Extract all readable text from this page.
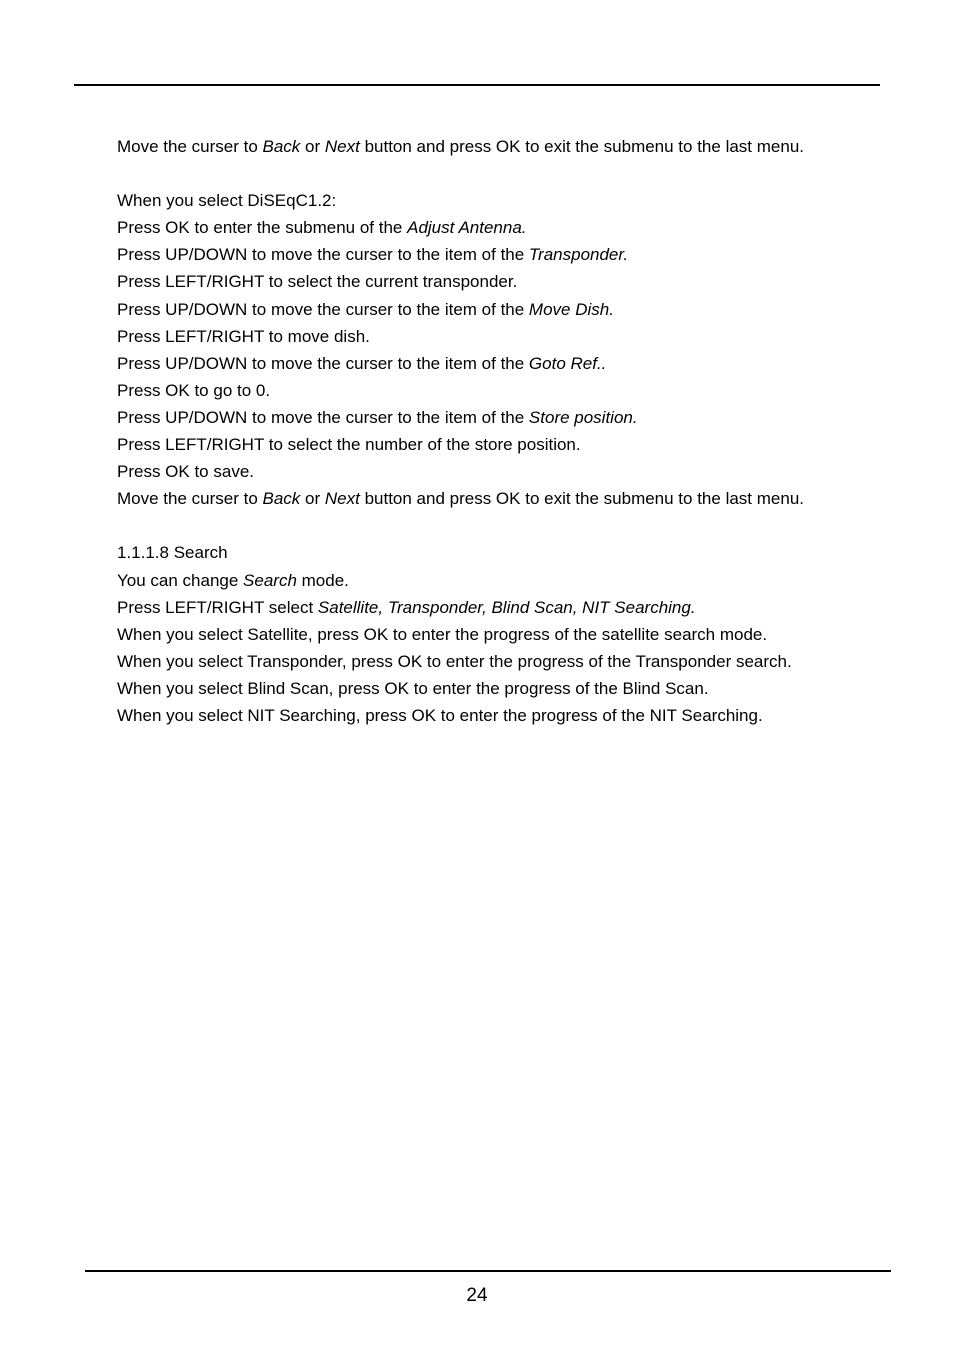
Move the curser to Back or Next button and press OK to exit the submenu to the last menu.
When you select DiSEqC1.2:
Press OK to enter the submenu of the Adjust Antenna.
Press UP/DOWN to move the curser to the item of the Transponder.
Press LEFT/RIGHT to select the current transponder.
Press UP/DOWN to move the curser to the item of the Move Dish.
Press LEFT/RIGHT to move dish.
Press UP/DOWN to move the curser to the item of the Goto Ref..
Press OK to go to 0.
Press UP/DOWN to move the curser to the item of the Store position.
Press LEFT/RIGHT to select the number of the store position.
Press OK to save.
Move the curser to Back or Next button and press OK to exit the submenu to the last menu.
1.1.1.8 Search
You can change Search mode.
Press LEFT/RIGHT select Satellite, Transponder, Blind Scan, NIT Searching.
When you select Satellite, press OK to enter the progress of the satellite search mode.
When you select Transponder, press OK to enter the progress of the Transponder search.
When you select Blind Scan, press OK to enter the progress of the Blind Scan.
When you select NIT Searching, press OK to enter the progress of the NIT Searching.
24
